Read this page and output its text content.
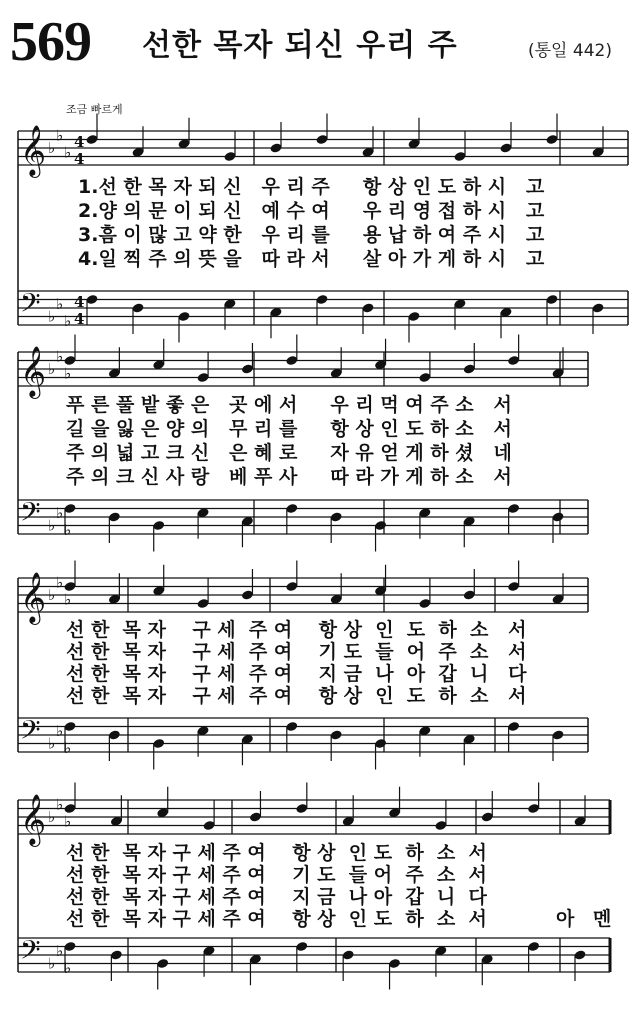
569 선한 목자 되신 우리 주	(통일 442)
조금 빠르게
𝄞 ♭
♭
♭
4
4
𝄢 ♭
♭
♭
4
4
𝄞 ♭
♭
♭
𝄢 ♭
♭
♭
𝄞 ♭
♭
♭
𝄢 ♭
♭
♭
𝄞 ♭
♭
♭
𝄢 ♭
♭
♭
1.선 한 목 자 되 신   우 리 주     항 상 인 도 하 시   고
2.양 의 문 이 되 신   예 수 여     우 리 영 접 하 시   고
3.흠 이 많 고 약 한   우 리 를     용 납 하 여 주 시   고
4.일 찍 주 의 뜻 을   따 라 서     살 아 가 게 하 시   고
푸 른 풀 밭 좋 은   곳 에 서     우 리 먹 여 주 소   서
길 을 잃 은 양 의   무 리 를     항 상 인 도 하 소   서
주 의 넓 고 크 신   은 혜 로     자 유 얻 게 하 셨   네
주 의 크 신 사 랑   베 푸 사     따 라 가 게 하 소   서
선 한  목 자    구 세  주 여    항 상  인  도  하  소   서
선 한  목 자    구 세  주 여    기 도  들  어  주  소   서
선 한  목 자    구 세  주 여    지 금  나  아  갑  니   다
선 한  목 자    구 세  주 여    항 상  인  도  하  소   서
선 한  목 자 구 세 주 여    항 상  인 도  하  소  서
선 한  목 자 구 세 주 여    기 도  들 어  주  소  서
선 한  목 자 구 세 주 여    지 금  나 아  갑  니  다
선 한  목 자 구 세 주 여    항 상  인 도  하  소  서	아 멘
